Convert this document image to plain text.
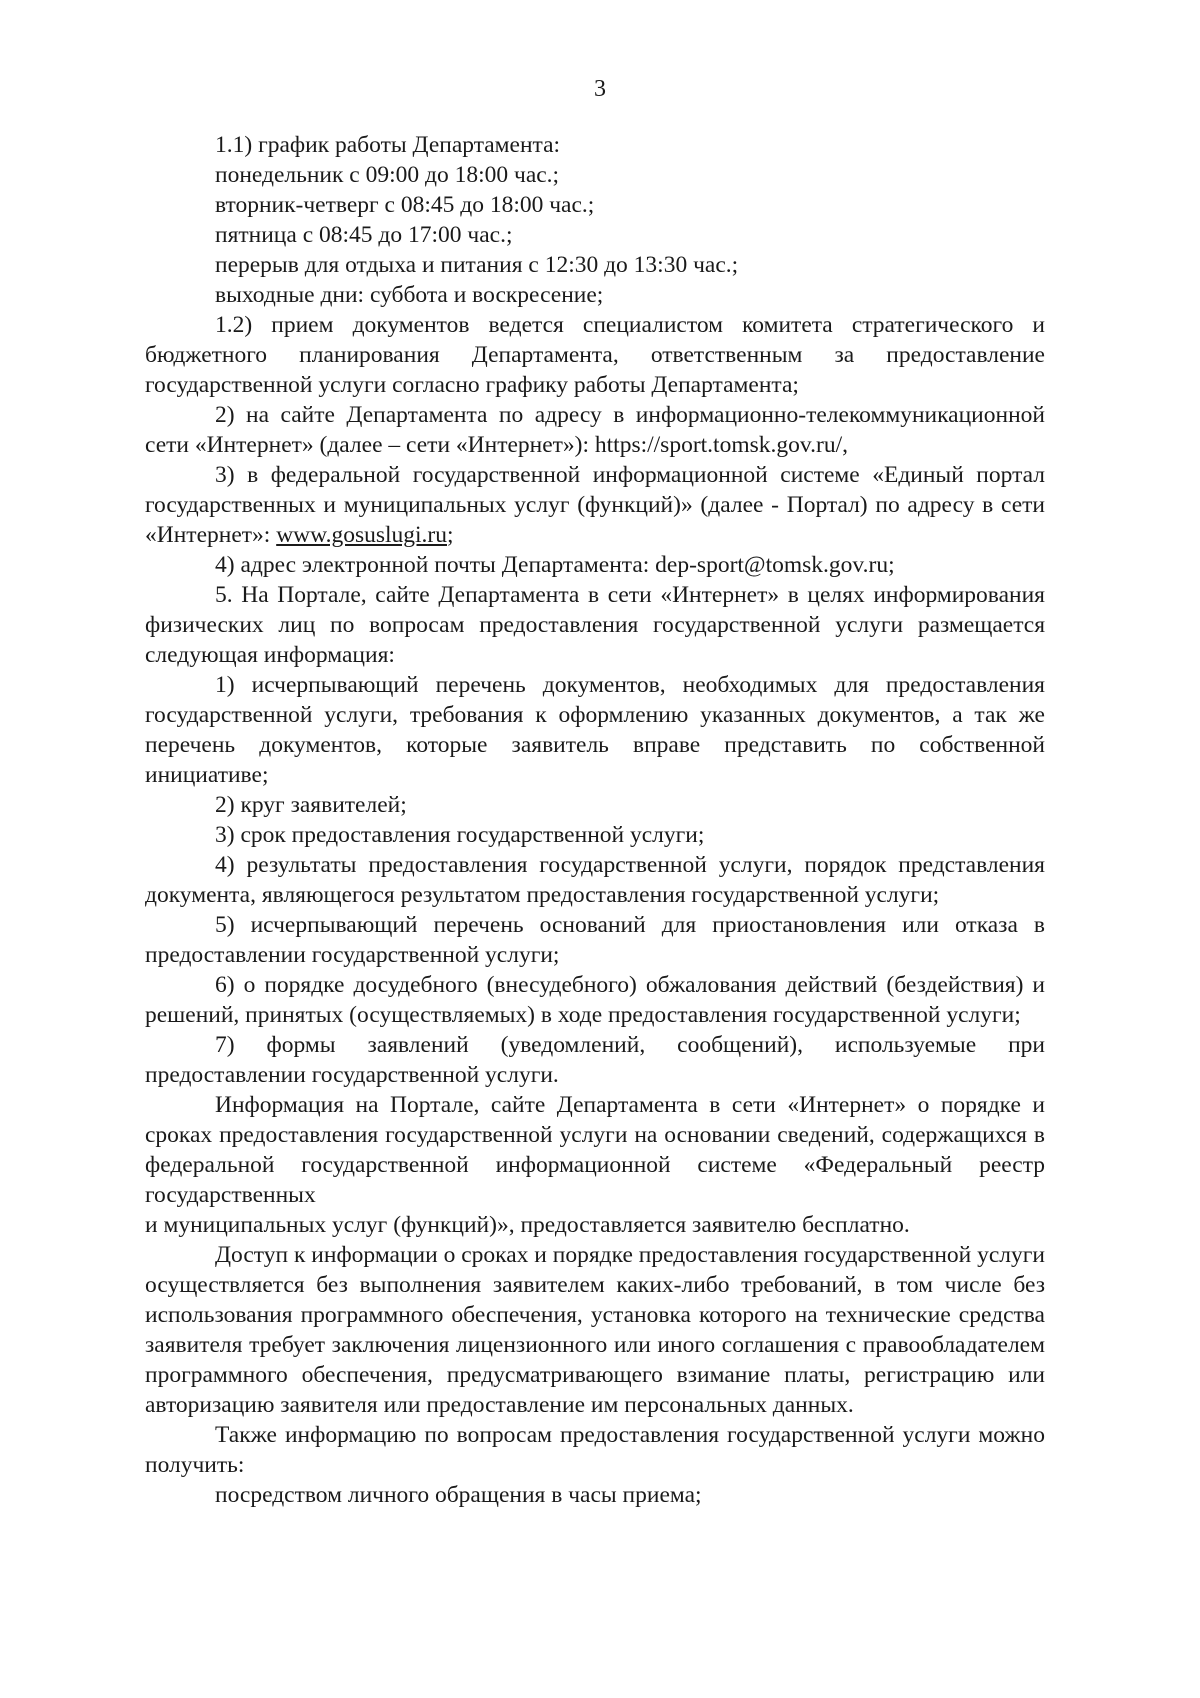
3

1.1) график работы Департамента:

понедельник с 09:00 до 18:00 час.;

вторник-четверг с 08:45 до 18:00 час.;

пятница с 08:45 до 17:00 час.;

перерыв для отдыха и питания с 12:30 до 13:30 час.;

выходные дни: суббота и воскресение;

1.2) прием документов ведется специалистом комитета стратегического и бюджетного планирования Департамента, ответственным за предоставление государственной услуги согласно графику работы Департамента;

2) на сайте Департамента по адресу в информационно-телекоммуникационной сети «Интернет» (далее – сети «Интернет»): https://sport.tomsk.gov.ru/,

3) в федеральной государственной информационной системе «Единый портал государственных и муниципальных услуг (функций)» (далее - Портал) по адресу в сети «Интернет»: www.gosuslugi.ru;

4) адрес электронной почты Департамента: dep-sport@tomsk.gov.ru;

5. На Портале, сайте Департамента в сети «Интернет» в целях информирования физических лиц по вопросам предоставления государственной услуги размещается следующая информация:

1) исчерпывающий перечень документов, необходимых для предоставления государственной услуги, требования к оформлению указанных документов, а так же перечень документов, которые заявитель вправе представить по собственной инициативе;

2) круг заявителей;

3) срок предоставления государственной услуги;

4) результаты предоставления государственной услуги, порядок представления документа, являющегося результатом предоставления государственной услуги;

5) исчерпывающий перечень оснований для приостановления или отказа в предоставлении государственной услуги;

6) о порядке досудебного (внесудебного) обжалования действий (бездействия) и решений, принятых (осуществляемых) в ходе предоставления государственной услуги;

7) формы заявлений (уведомлений, сообщений), используемые при предоставлении государственной услуги.

Информация на Портале, сайте Департамента в сети «Интернет» о порядке и сроках предоставления государственной услуги на основании сведений, содержащихся в федеральной государственной информационной системе «Федеральный реестр государственных

и муниципальных услуг (функций)», предоставляется заявителю бесплатно.

Доступ к информации о сроках и порядке предоставления государственной услуги осуществляется без выполнения заявителем каких-либо требований, в том числе без использования программного обеспечения, установка которого на технические средства заявителя требует заключения лицензионного или иного соглашения с правообладателем программного обеспечения, предусматривающего взимание платы, регистрацию или авторизацию заявителя или предоставление им персональных данных.

Также информацию по вопросам предоставления государственной услуги можно получить:

посредством личного обращения в часы приема;
